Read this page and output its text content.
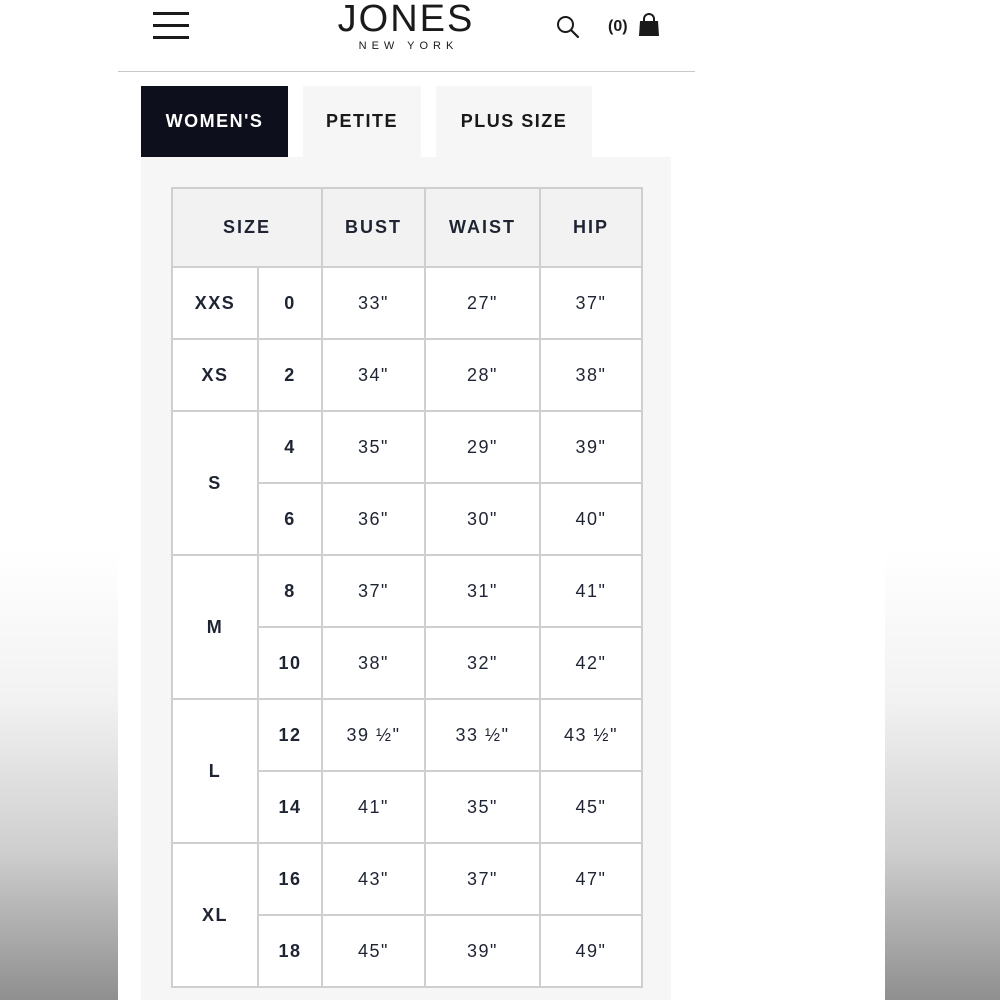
JONES
NEW YORK
(0)
WOMEN'S	PETITE	PLUS SIZE
SIZE		BUST	WAIST	HIP
XXS	0	33"	27"	37"
XS	2	34"	28"	38"
S	4	35"	29"	39"
	6	36"	30"	40"
M	8	37"	31"	41"
	10	38"	32"	42"
L	12	39 ½"	33 ½"	43 ½"
	14	41"	35"	45"
XL	16	43"	37"	47"
	18	45"	39"	49"
